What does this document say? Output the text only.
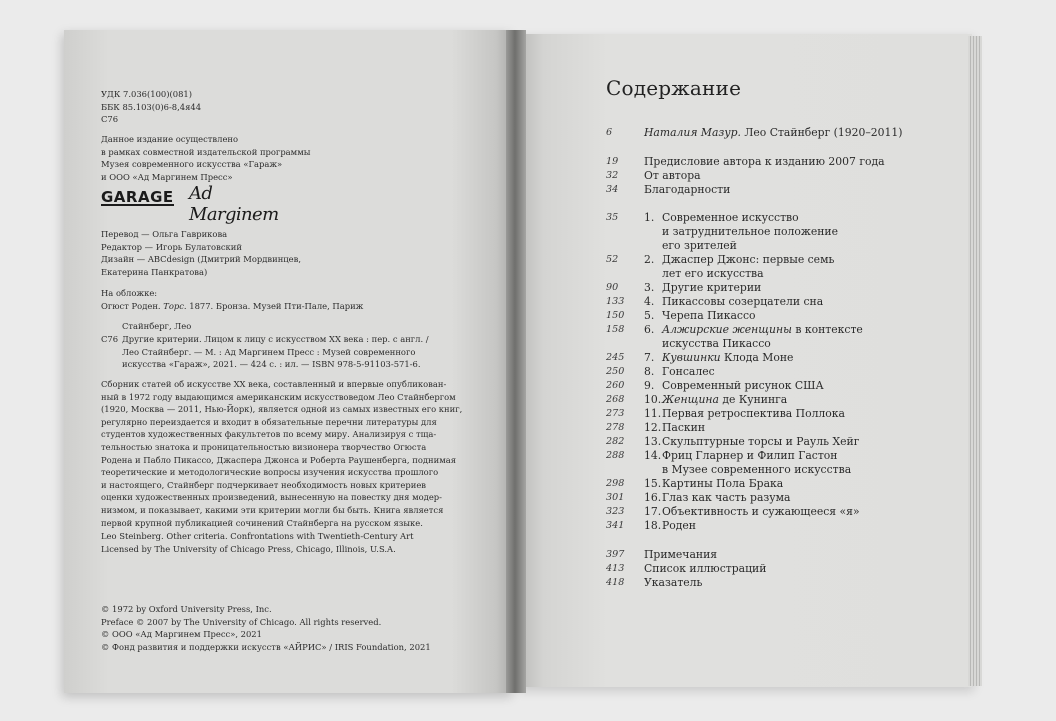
УДК 7.036(100)(081)
ББК 85.103(0)6-8,4я44
С76
Данное издание осуществлено
в рамках совместной издательской программы
Музея современного искусства «Гараж»
и ООО «Ад Маргинем Пресс»
GARAGE Ad Marginem
Перевод — Ольга Гаврикова
Редактор — Игорь Булатовский
Дизайн — ABCdesign (Дмитрий Мордвинцев,
Екатерина Панкратова)
На обложке:
Огюст Роден. Торс. 1877. Бронза. Музей Пти-Пале, Париж
Стайнберг, Лео
С76 Другие критерии. Лицом к лицу с искусством XX века : пер. с англ. /
Лео Стайнберг. — М. : Ад Маргинем Пресс : Музей современного
искусства «Гараж», 2021. — 424 с. : ил. — ISBN 978-5-91103-571-6.
Сборник статей об искусстве XX века, составленный и впервые опубликован-
ный в 1972 году выдающимся американским искусствоведом Лео Стайнбергом
(1920, Москва — 2011, Нью-Йорк), является одной из самых известных его книг,
регулярно переиздается и входит в обязательные перечни литературы для
студентов художественных факультетов по всему миру. Анализируя с тща-
тельностью знатока и проницательностью визионера творчество Огюста
Родена и Пабло Пикассо, Джаспера Джонса и Роберта Раушенберга, поднимая
теоретические и методологические вопросы изучения искусства прошлого
и настоящего, Стайнберг подчеркивает необходимость новых критериев
оценки художественных произведений, вынесенную на повестку дня модер-
низмом, и показывает, какими эти критерии могли бы быть. Книга является
первой крупной публикацией сочинений Стайнберга на русском языке.
Leo Steinberg. Other criteria. Confrontations with Twentieth-Century Art
Licensed by The University of Chicago Press, Chicago, Illinois, U.S.A.
© 1972 by Oxford University Press, Inc.
Preface © 2007 by The University of Chicago. All rights reserved.
© ООО «Ад Маргинем Пресс», 2021
© Фонд развития и поддержки искусств «АЙРИС» / IRIS Foundation, 2021
Содержание
6	Наталия Мазур. Лео Стайнберг (1920–2011)
19 Предисловие автора к изданию 2007 года
32 От автора
34 Благодарности
35 1. Современное искусство
и затруднительное положение
его зрителей
52 2. Джаспер Джонс: первые семь
лет его искусства
90 3. Другие критерии
133 4. Пикассовы созерцатели сна
150 5. Черепа Пикассо
158 6. Алжирские женщины в контексте
искусства Пикассо
245 7. Кувшинки Клода Моне
250 8. Гонсалес
260 9. Современный рисунок США
268 10. Женщина де Кунинга
273 11. Первая ретроспектива Поллока
278 12. Паскин
282 13. Скульптурные торсы и Рауль Хейг
288 14. Фриц Гларнер и Филип Гастон
в Музее современного искусства
298 15. Картины Пола Брака
301 16. Глаз как часть разума
323 17. Объективность и сужающееся «я»
341 18. Роден
397 Примечания
413 Список иллюстраций
418 Указатель
